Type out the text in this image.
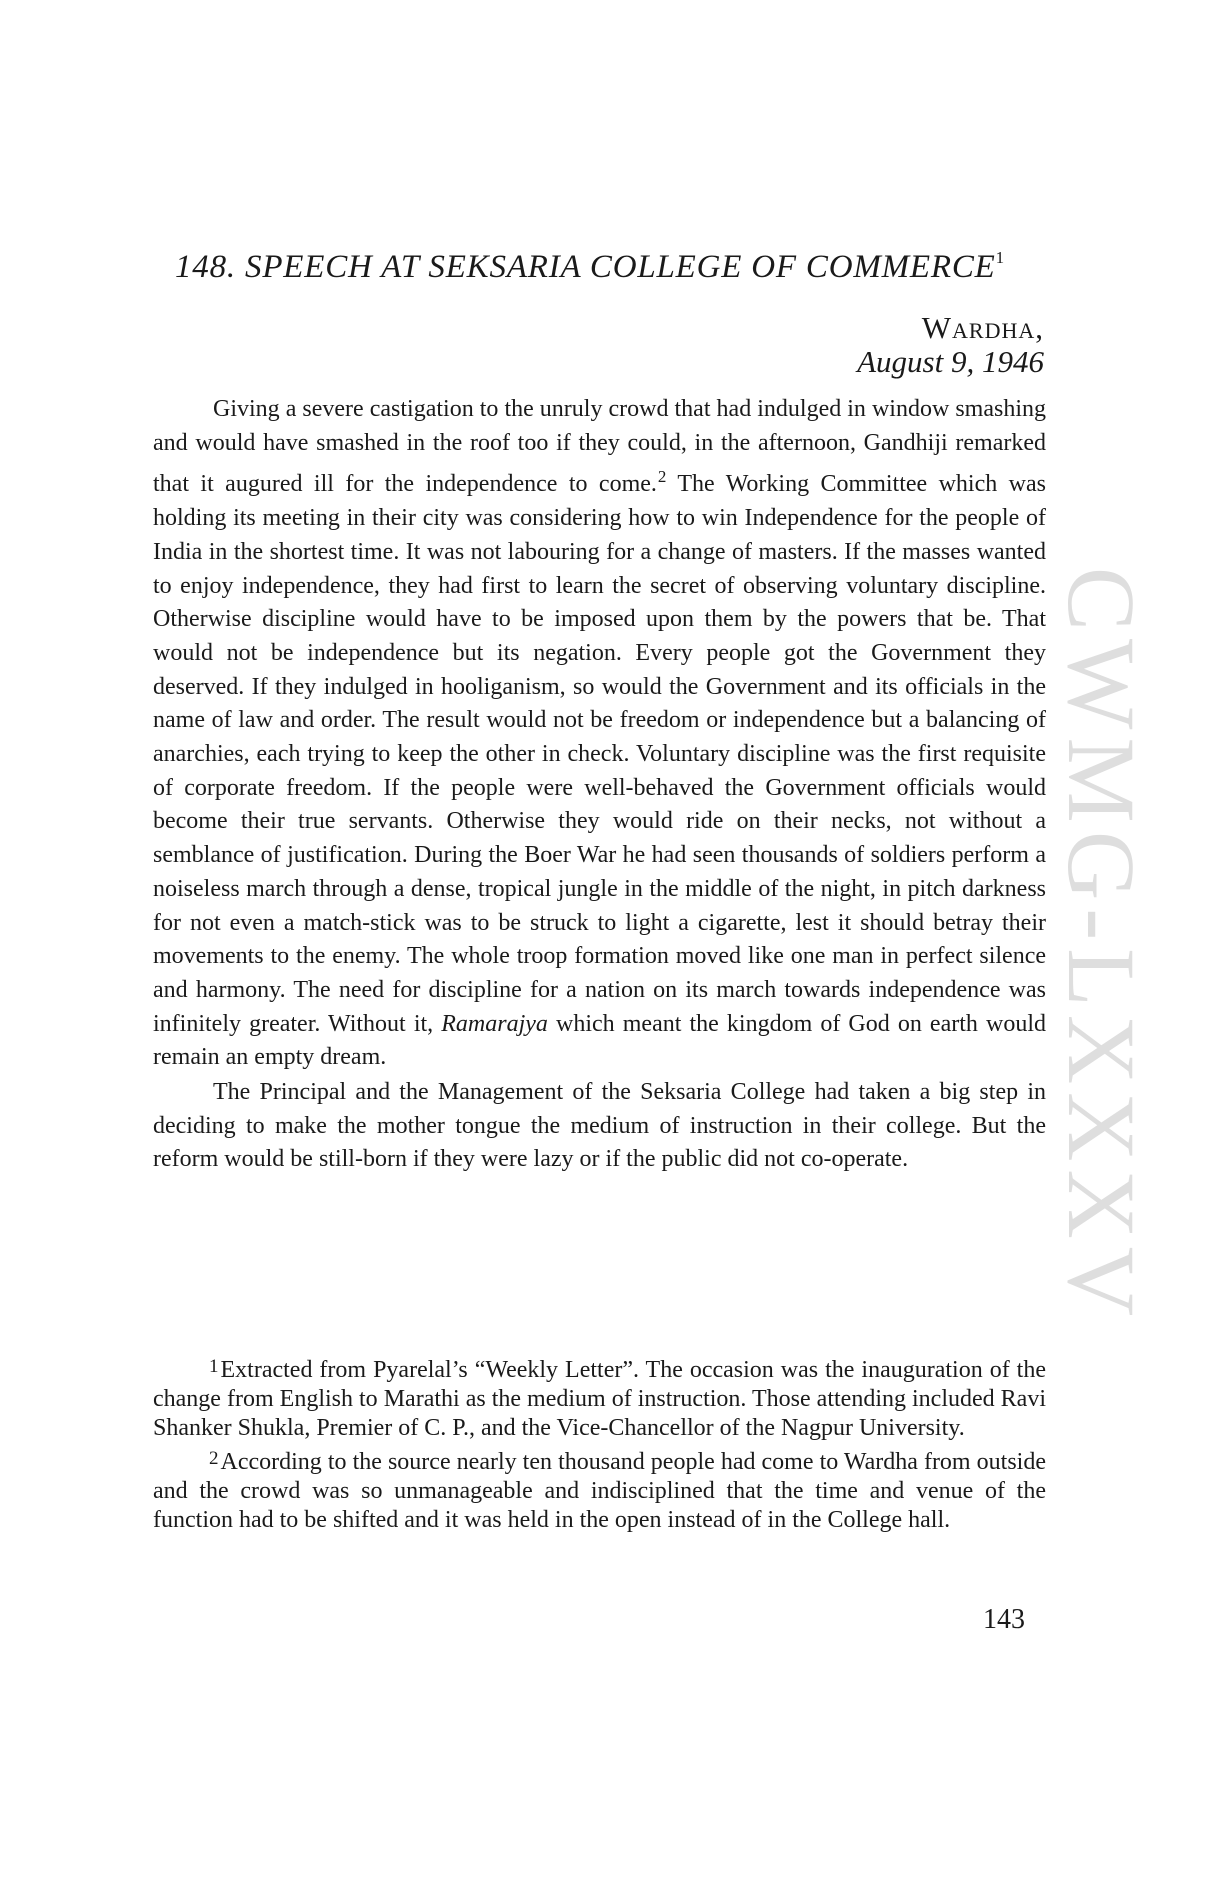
CWMG-LXXXV
148. SPEECH AT SEKSARIA COLLEGE OF COMMERCE$^1$
Wardha,
August 9, 1946

Giving a severe castigation to the unruly crowd that had indulged in window smashing and would have smashed in the roof too if they could, in the afternoon, Gandhiji remarked that it augured ill for the independence to come.$^2$ The Working Committee which was holding its meeting in their city was considering how to win Independence for the people of India in the shortest time. It was not labouring for a change of masters. If the masses wanted to enjoy independence, they had first to learn the secret of observing voluntary discipline. Otherwise discipline would have to be imposed upon them by the powers that be. That would not be independence but its negation. Every people got the Government they deserved. If they indulged in hooliganism, so would the Government and its officials in the name of law and order. The result would not be freedom or independence but a balancing of anarchies, each trying to keep the other in check. Voluntary discipline was the first requisite of corporate freedom. If the people were well-behaved the Government officials would become their true servants. Otherwise they would ride on their necks, not without a semblance of justification. During the Boer War he had seen thousands of soldiers perform a noiseless march through a dense, tropical jungle in the middle of the night, in pitch darkness for not even a match-stick was to be struck to light a cigarette, lest it should betray their movements to the enemy. The whole troop formation moved like one man in perfect silence and harmony. The need for discipline for a nation on its march towards independence was infinitely greater. Without it, Ramarajya which meant the kingdom of God on earth would remain an empty dream.

The Principal and the Management of the Seksaria College had taken a big step in deciding to make the mother tongue the medium of instruction in their college. But the reform would be still-born if they were lazy or if the public did not co-operate.

$^1$Extracted from Pyarelal’s “Weekly Letter”. The occasion was the inauguration of the change from English to Marathi as the medium of instruction. Those attending included Ravi Shanker Shukla, Premier of C. P., and the Vice-Chancellor of the Nagpur University.

$^2$According to the source nearly ten thousand people had come to Wardha from outside and the crowd was so unmanageable and indisciplined that the time and venue of the function had to be shifted and it was held in the open instead of in the College hall.

143
